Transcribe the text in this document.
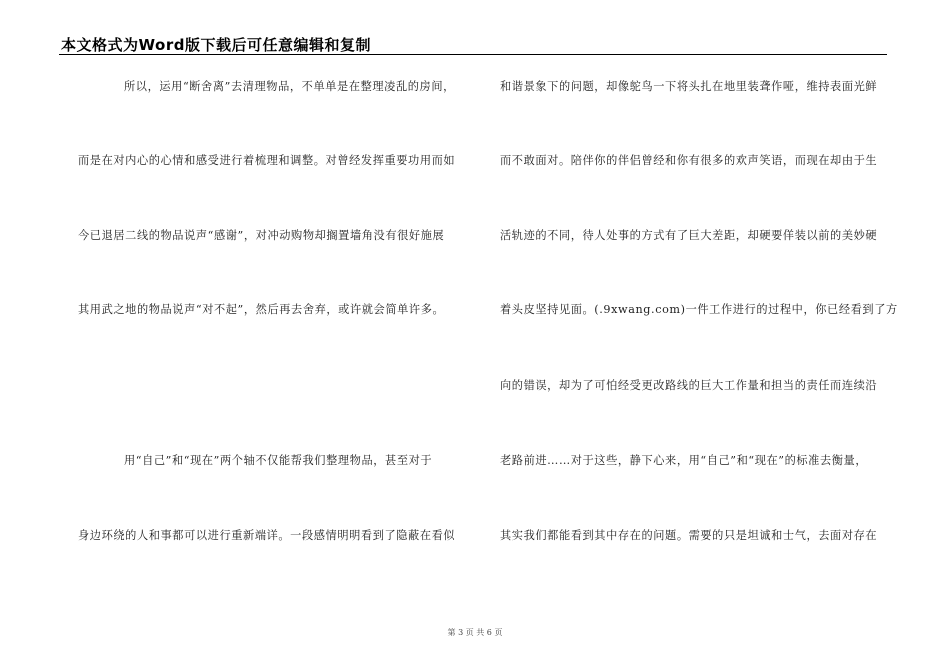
本文格式为Word版下载后可任意编辑和复制
所以，运用“断舍离”去清理物品，不单单是在整理凌乱的房间，
而是在对内心的心情和感受进行着梳理和调整。对曾经发挥重要功用而如
今已退居二线的物品说声“感谢”，对冲动购物却搁置墙角没有很好施展
其用武之地的物品说声“对不起”，然后再去舍弃，或许就会简单许多。
用“自己”和“现在”两个轴不仅能帮我们整理物品，甚至对于
身边环绕的人和事都可以进行重新端详。一段感情明明看到了隐蔽在看似
和谐景象下的问题，却像鸵鸟一下将头扎在地里装聋作哑，维持表面光鲜
而不敢面对。陪伴你的伴侣曾经和你有很多的欢声笑语，而现在却由于生
活轨迹的不同，待人处事的方式有了巨大差距，却硬要佯装以前的美妙硬
着头皮坚持见面。(.9xwang.com)一件工作进行的过程中，你已经看到了方
向的错误，却为了可怕经受更改路线的巨大工作量和担当的责任而连续沿
老路前进……对于这些，静下心来，用“自己”和“现在”的标准去衡量，
其实我们都能看到其中存在的问题。需要的只是坦诚和士气，去面对存在
第 3 页 共 6 页
